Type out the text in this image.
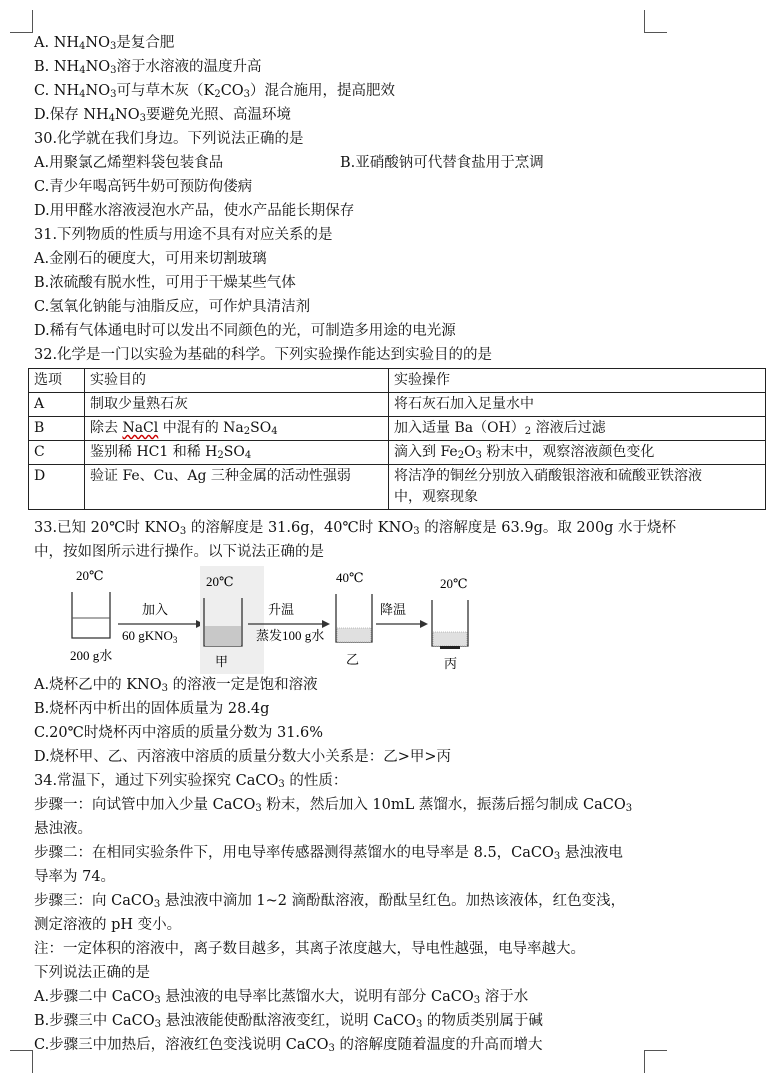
A. $NH_4NO_3$是复合肥
B. $NH_4NO_3$溶于水溶液的温度升高
C. $NH_4NO_3$可与草木灰$(K_2CO_3)$混合施用，提高肥效
D.保存 $NH_4NO_3$要避免光照、高温环境
30.化学就在我们身边。下列说法正确的是
A.用聚氯乙烯塑料袋包装食品	B.亚硝酸钠可代替食盐用于烹调
C.青少年喝高钙牛奶可预防佝偻病
D.用甲醛水溶液浸泡水产品，使水产品能长期保存
31.下列物质的性质与用途不具有对应关系的是
A.金刚石的硬度大，可用来切割玻璃
B.浓硫酸有脱水性，可用于干燥某些气体
C.氢氧化钠能与油脂反应，可作炉具清洁剂
D.稀有气体通电时可以发出不同颜色的光，可制造多用途的电光源
32.化学是一门以实验为基础的科学。下列实验操作能达到实验目的的是
选项	实验目的	实验操作
A	制取少量熟石灰	将石灰石加入足量水中
B	除去 NaCl 中混有的 $Na_2SO_4$	加入适量 $Ba(OH)_2$ 溶液后过滤
C	鉴别稀 HC1 和稀 $H_2SO_4$	滴入到 $Fe_2O_3$ 粉末中，观察溶液颜色变化
D	验证 Fe、Cu、Ag 三种金属的活动性强弱	将洁净的铜丝分别放入硝酸银溶液和硫酸亚铁溶液
中，观察现象
33.已知 20℃时 $KNO_3$ 的溶解度是 31.6g，40℃时 $KNO_3$ 的溶解度是 63.9g。取 200g 水于烧杯
中，按如图所示进行操作。以下说法正确的是
20℃
200 g水
加入
60 gKNO$_3$
20℃
甲
升温
蒸发100 g水
40℃
乙
降温
20℃
丙
A.烧杯乙中的 $KNO_3$ 的溶液一定是饱和溶液
B.烧杯丙中析出的固体质量为 28.4g
C.20℃时烧杯丙中溶质的质量分数为 31.6%
D.烧杯甲、乙、丙溶液中溶质的质量分数大小关系是：乙>甲>丙
34.常温下，通过下列实验探究 CaCO$_3$ 的性质：
步骤一：向试管中加入少量 CaCO$_3$ 粉末，然后加入 10mL 蒸馏水，振荡后摇匀制成 CaCO$_3$
悬浊液。
步骤二：在相同实验条件下，用电导率传感器测得蒸馏水的电导率是 8.5，CaCO$_3$ 悬浊液电
导率为 74。
步骤三：向 CaCO$_3$ 悬浊液中滴加 1~2 滴酚酞溶液，酚酞呈红色。加热该液体，红色变浅，
测定溶液的 pH 变小。
注：一定体积的溶液中，离子数目越多，其离子浓度越大，导电性越强，电导率越大。
下列说法正确的是
A.步骤二中 CaCO$_3$ 悬浊液的电导率比蒸馏水大，说明有部分 CaCO$_3$ 溶于水
B.步骤三中 CaCO$_3$ 悬浊液能使酚酞溶液变红，说明 CaCO$_3$ 的物质类别属于碱
C.步骤三中加热后，溶液红色变浅说明 CaCO$_3$ 的溶解度随着温度的升高而增大
